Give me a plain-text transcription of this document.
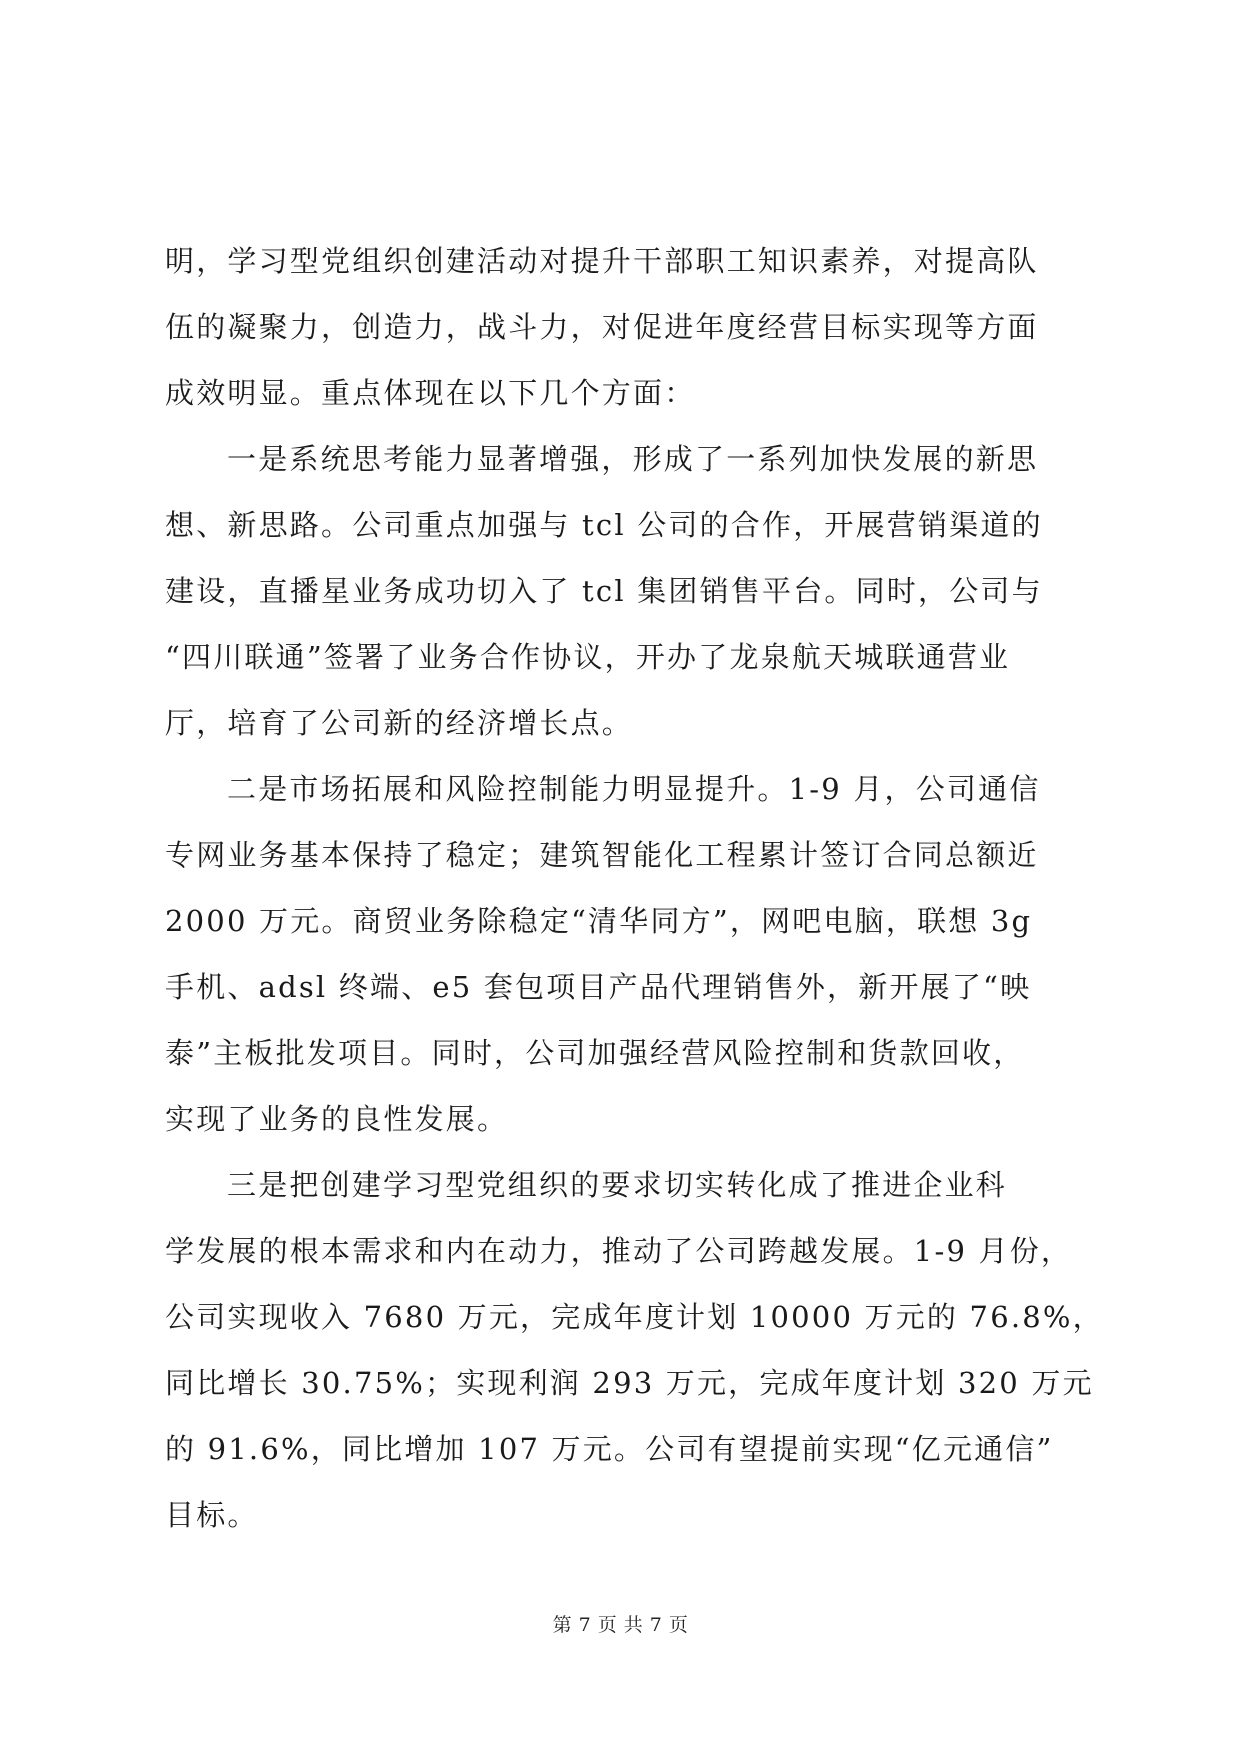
明，学习型党组织创建活动对提升干部职工知识素养，对提高队
伍的凝聚力，创造力，战斗力，对促进年度经营目标实现等方面
成效明显。重点体现在以下几个方面：
一是系统思考能力显著增强，形成了一系列加快发展的新思
想、新思路。公司重点加强与 tcl 公司的合作，开展营销渠道的
建设，直播星业务成功切入了 tcl 集团销售平台。同时，公司与
“四川联通”签署了业务合作协议，开办了龙泉航天城联通营业
厅，培育了公司新的经济增长点。
二是市场拓展和风险控制能力明显提升。1-9 月，公司通信
专网业务基本保持了稳定；建筑智能化工程累计签订合同总额近
2000 万元。商贸业务除稳定“清华同方”，网吧电脑，联想 3g
手机、adsl 终端、e5 套包项目产品代理销售外，新开展了“映
泰”主板批发项目。同时，公司加强经营风险控制和货款回收，
实现了业务的良性发展。
三是把创建学习型党组织的要求切实转化成了推进企业科
学发展的根本需求和内在动力，推动了公司跨越发展。1-9 月份，
公司实现收入 7680 万元，完成年度计划 10000 万元的 76.8%，
同比增长 30.75%；实现利润 293 万元，完成年度计划 320 万元
的 91.6%，同比增加 107 万元。公司有望提前实现“亿元通信”
目标。
第 7 页 共 7 页
